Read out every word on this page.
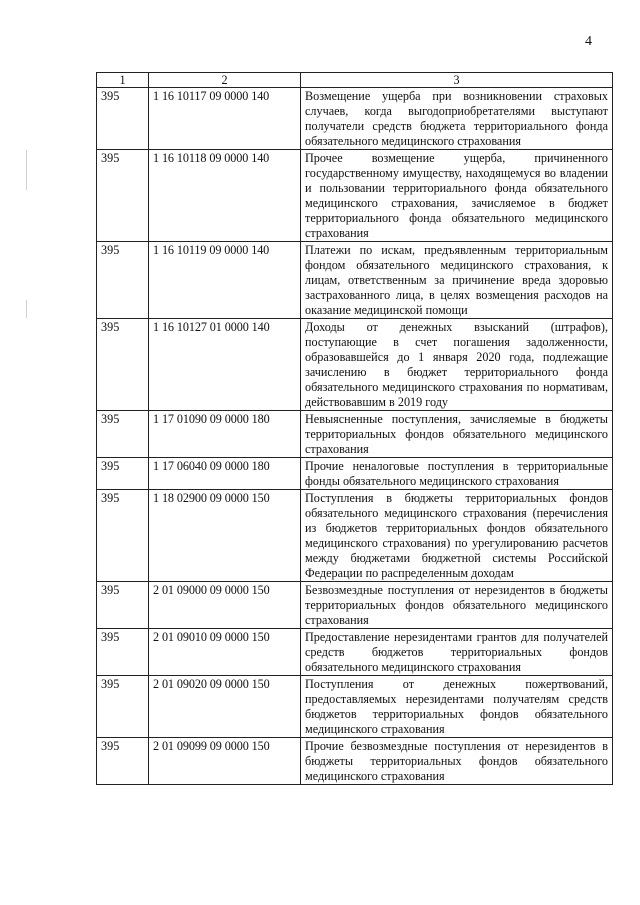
4
1	2	3
395	1 16 10117 09 0000 140	Возмещение ущерба при возникновении страховых случаев, когда выгодоприобретателями выступают получатели средств бюджета территориального фонда обязательного медицинского страхования
395	1 16 10118 09 0000 140	Прочее возмещение ущерба, причиненного государственному имуществу, находящемуся во владении и пользовании территориального фонда обязательного медицинского страхования, зачисляемое в бюджет территориального фонда обязательного медицинского страхования
395	1 16 10119 09 0000 140	Платежи по искам, предъявленным территориальным фондом обязательного медицинского страхования, к лицам, ответственным за причинение вреда здоровью застрахованного лица, в целях возмещения расходов на оказание медицинской помощи
395	1 16 10127 01 0000 140	Доходы от денежных взысканий (штрафов), поступающие в счет погашения задолженности, образовавшейся до 1 января 2020 года, подлежащие зачислению в бюджет территориального фонда обязательного медицинского страхования по нормативам, действовавшим в 2019 году
395	1 17 01090 09 0000 180	Невыясненные поступления, зачисляемые в бюджеты территориальных фондов обязательного медицинского страхования
395	1 17 06040 09 0000 180	Прочие неналоговые поступления в территориальные фонды обязательного медицинского страхования
395	1 18 02900 09 0000 150	Поступления в бюджеты территориальных фондов обязательного медицинского страхования (перечисления из бюджетов территориальных фондов обязательного медицинского страхования) по урегулированию расчетов между бюджетами бюджетной системы Российской Федерации по распределенным доходам
395	2 01 09000 09 0000 150	Безвозмездные поступления от нерезидентов в бюджеты территориальных фондов обязательного медицинского страхования
395	2 01 09010 09 0000 150	Предоставление нерезидентами грантов для получателей средств бюджетов территориальных фондов обязательного медицинского страхования
395	2 01 09020 09 0000 150	Поступления от денежных пожертвований, предоставляемых нерезидентами получателям средств бюджетов территориальных фондов обязательного медицинского страхования
395	2 01 09099 09 0000 150	Прочие безвозмездные поступления от нерезидентов в бюджеты территориальных фондов обязательного медицинского страхования
